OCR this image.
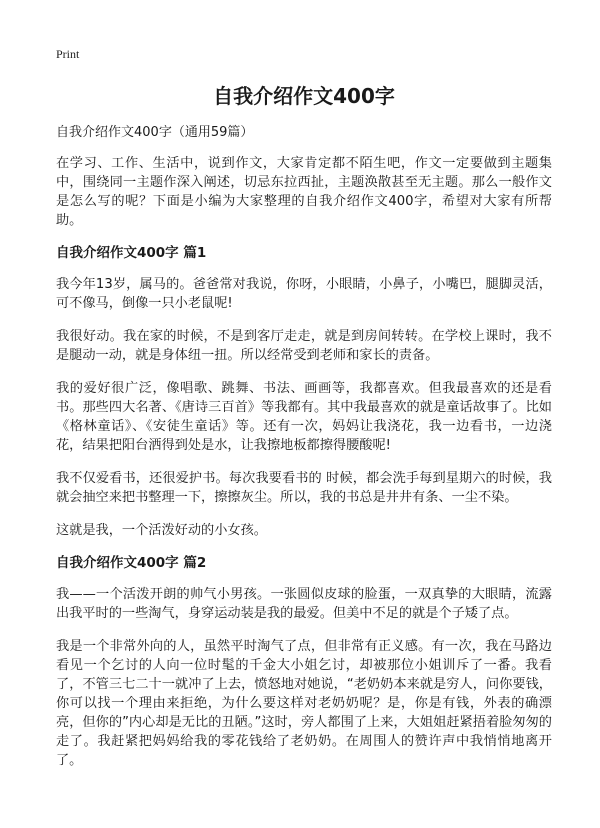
Print
自我介绍作文400字
自我介绍作文400字（通用59篇）

在学习、工作、生活中，说到作文，大家肯定都不陌生吧，作文一定要做到主题集中，围绕同一主题作深入阐述，切忌东拉西扯，主题涣散甚至无主题。那么一般作文是怎么写的呢？下面是小编为大家整理的自我介绍作文400字，希望对大家有所帮助。

自我介绍作文400字 篇1

我今年13岁，属马的。爸爸常对我说，你呀，小眼睛，小鼻子，小嘴巴，腿脚灵活，可不像马，倒像一只小老鼠呢!

我很好动。我在家的时候，不是到客厅走走，就是到房间转转。在学校上课时，我不是腿动一动，就是身体纽一扭。所以经常受到老师和家长的责备。

我的爱好很广泛，像唱歌、跳舞、书法、画画等，我都喜欢。但我最喜欢的还是看书。那些四大名著、《唐诗三百首》等我都有。其中我最喜欢的就是童话故事了。比如《格林童话》、《安徒生童话》等。还有一次，妈妈让我浇花，我一边看书，一边浇花，结果把阳台洒得到处是水，让我擦地板都擦得腰酸呢!

我不仅爱看书，还很爱护书。每次我要看书的 时候，都会洗手每到星期六的时候，我就会抽空来把书整理一下，擦擦灰尘。所以，我的书总是井井有条、一尘不染。

这就是我，一个活泼好动的小女孩。

自我介绍作文400字 篇2

我——一个活泼开朗的帅气小男孩。一张圆似皮球的脸蛋，一双真挚的大眼睛，流露出我平时的一些淘气，身穿运动装是我的最爱。但美中不足的就是个子矮了点。

我是一个非常外向的人，虽然平时淘气了点，但非常有正义感。有一次，我在马路边看见一个乞讨的人向一位时髦的千金大小姐乞讨，却被那位小姐训斥了一番。我看了，不管三七二十一就冲了上去，愤怒地对她说，“老奶奶本来就是穷人，问你要钱，你可以找一个理由来拒绝，为什么要这样对老奶奶呢？是，你是有钱，外表的确漂亮，但你的”内心却是无比的丑陋。”这时，旁人都围了上来，大姐姐赶紧捂着脸匆匆的走了。我赶紧把妈妈给我的零花钱给了老奶奶。在周围人的赞许声中我悄悄地离开了。
